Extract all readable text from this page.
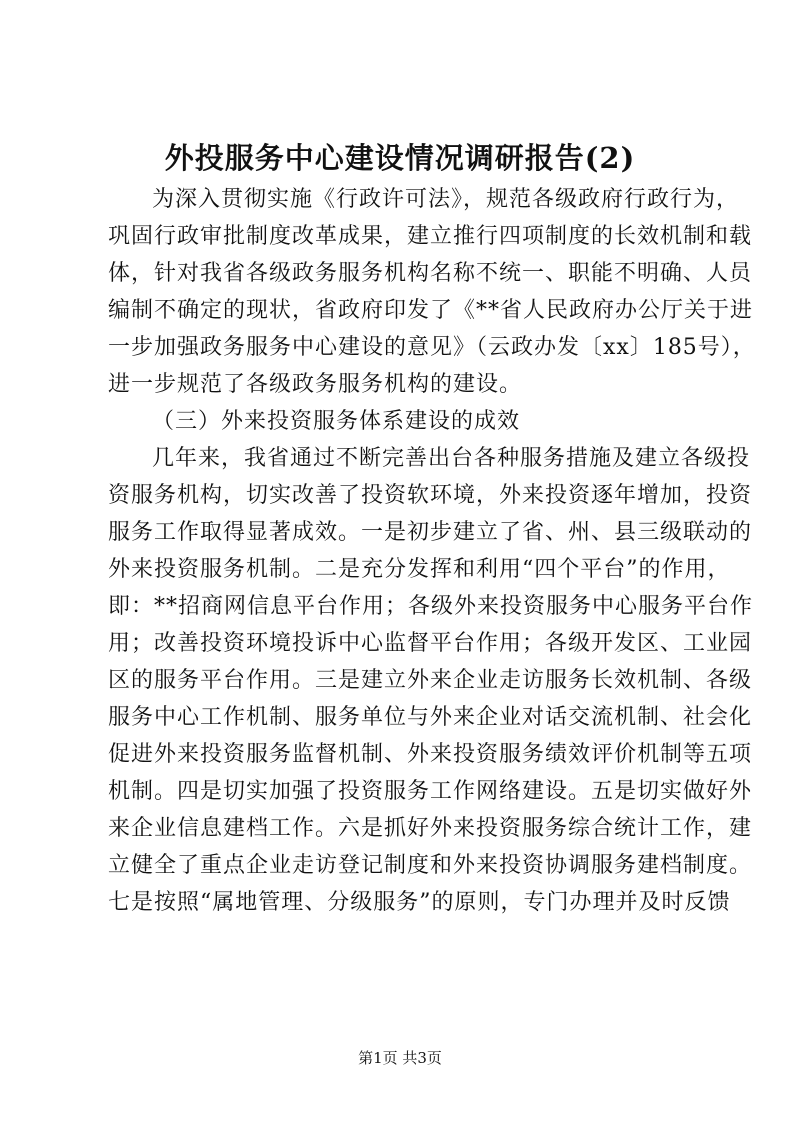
外投服务中心建设情况调研报告(2)
为深入贯彻实施《行政许可法》，规范各级政府行政行为，
巩固行政审批制度改革成果，建立推行四项制度的长效机制和载
体，针对我省各级政务服务机构名称不统一、职能不明确、人员
编制不确定的现状，省政府印发了《**省人民政府办公厅关于进
一步加强政务服务中心建设的意见》（云政办发〔xx〕185号），
进一步规范了各级政务服务机构的建设。
（三）外来投资服务体系建设的成效
几年来，我省通过不断完善出台各种服务措施及建立各级投
资服务机构，切实改善了投资软环境，外来投资逐年增加，投资
服务工作取得显著成效。一是初步建立了省、州、县三级联动的
外来投资服务机制。二是充分发挥和利用“四个平台”的作用，
即：**招商网信息平台作用；各级外来投资服务中心服务平台作
用；改善投资环境投诉中心监督平台作用；各级开发区、工业园
区的服务平台作用。三是建立外来企业走访服务长效机制、各级
服务中心工作机制、服务单位与外来企业对话交流机制、社会化
促进外来投资服务监督机制、外来投资服务绩效评价机制等五项
机制。四是切实加强了投资服务工作网络建设。五是切实做好外
来企业信息建档工作。六是抓好外来投资服务综合统计工作，建
立健全了重点企业走访登记制度和外来投资协调服务建档制度。
七是按照“属地管理、分级服务”的原则，专门办理并及时反馈
第1页 共3页
